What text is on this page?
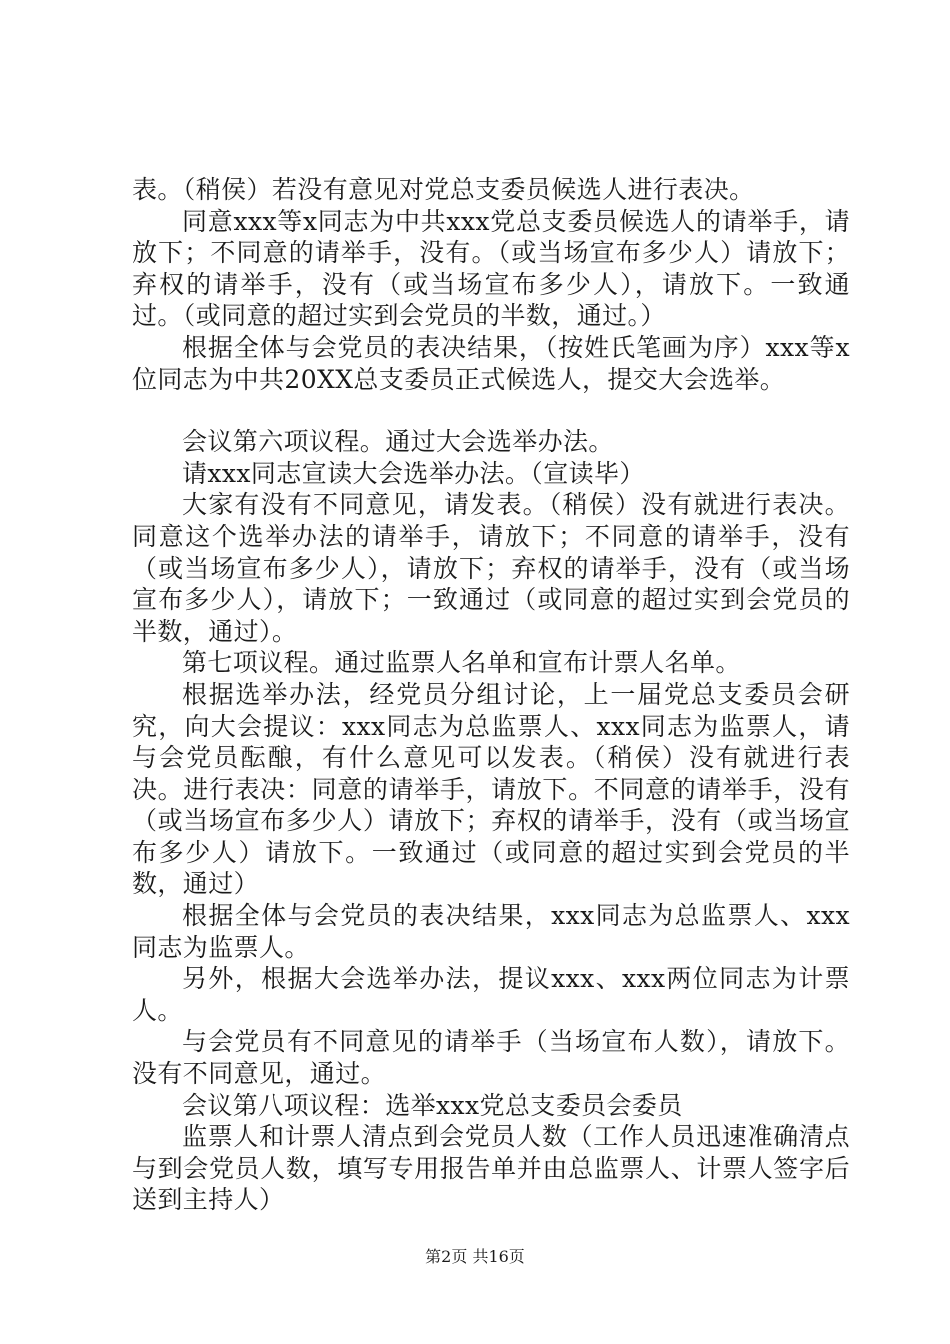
表。（稍侯）若没有意见对党总支委员候选人进行表决。

同意xxx等x同志为中共xxx党总支委员候选人的请举手，请放下；不同意的请举手，没有。（或当场宣布多少人）请放下；弃权的请举手，没有（或当场宣布多少人），请放下。一致通过。（或同意的超过实到会党员的半数，通过。）

根据全体与会党员的表决结果，（按姓氏笔画为序）xxx等x位同志为中共20XX总支委员正式候选人，提交大会选举。

会议第六项议程。通过大会选举办法。

请xxx同志宣读大会选举办法。（宣读毕）

大家有没有不同意见，请发表。（稍侯）没有就进行表决。同意这个选举办法的请举手，请放下；不同意的请举手，没有（或当场宣布多少人），请放下；弃权的请举手，没有（或当场宣布多少人），请放下；一致通过（或同意的超过实到会党员的半数，通过）。

第七项议程。通过监票人名单和宣布计票人名单。

根据选举办法，经党员分组讨论，上一届党总支委员会研究，向大会提议：xxx同志为总监票人、xxx同志为监票人，请与会党员酝酿，有什么意见可以发表。（稍侯）没有就进行表决。进行表决：同意的请举手，请放下。不同意的请举手，没有（或当场宣布多少人）请放下；弃权的请举手，没有（或当场宣布多少人）请放下。一致通过（或同意的超过实到会党员的半数，通过）

根据全体与会党员的表决结果，xxx同志为总监票人、xxx同志为监票人。

另外，根据大会选举办法，提议xxx、xxx两位同志为计票人。

与会党员有不同意见的请举手（当场宣布人数），请放下。没有不同意见，通过。

会议第八项议程：选举xxx党总支委员会委员

监票人和计票人清点到会党员人数（工作人员迅速准确清点与到会党员人数，填写专用报告单并由总监票人、计票人签字后送到主持人）

第2页 共16页
